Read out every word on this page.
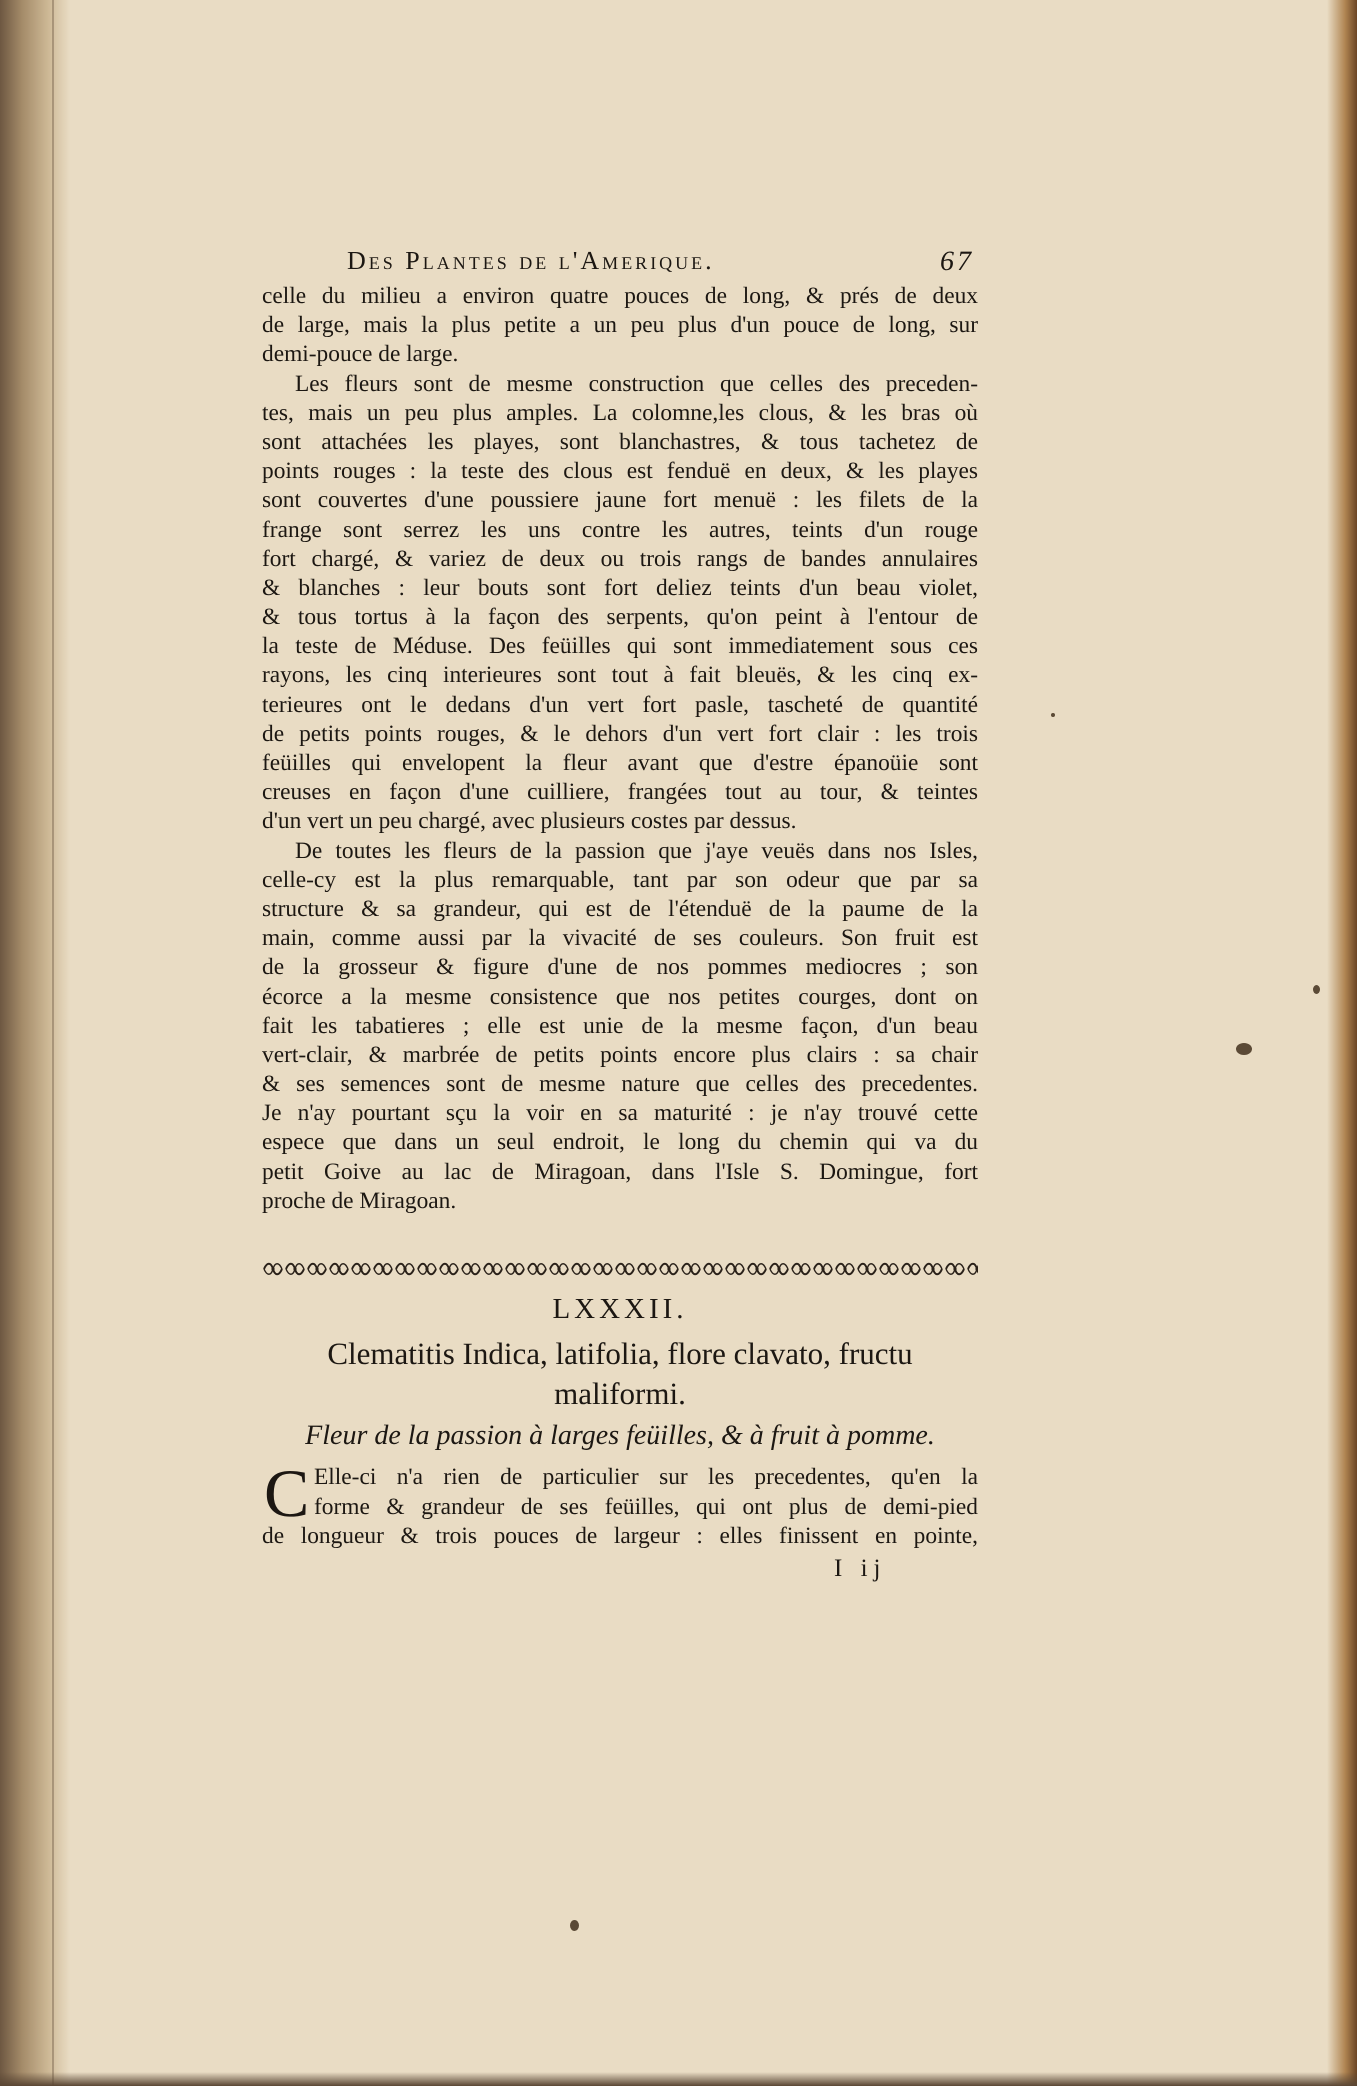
Des Plantes de l'Amerique.	67
celle du milieu a environ quatre pouces de long, & prés de deux
de large, mais la plus petite a un peu plus d'un pouce de long, sur
demi-pouce de large.
Les fleurs sont de mesme construction que celles des preceden-
tes, mais un peu plus amples. La colomne,les clous, & les bras où
sont attachées les playes, sont blanchastres, & tous tachetez de
points rouges : la teste des clous est fenduë en deux, & les playes
sont couvertes d'une poussiere jaune fort menuë : les filets de la
frange sont serrez les uns contre les autres, teints d'un rouge
fort chargé, & variez de deux ou trois rangs de bandes annulaires
& blanches : leur bouts sont fort deliez teints d'un beau violet,
& tous tortus à la façon des serpents, qu'on peint à l'entour de
la teste de Méduse. Des feüilles qui sont immediatement sous ces
rayons, les cinq interieures sont tout à fait bleuës, & les cinq ex-
terieures ont le dedans d'un vert fort pasle, tascheté de quantité
de petits points rouges, & le dehors d'un vert fort clair : les trois
feüilles qui envelopent la fleur avant que d'estre épanoüie sont
creuses en façon d'une cuilliere, frangées tout au tour, & teintes
d'un vert un peu chargé, avec plusieurs costes par dessus.
De toutes les fleurs de la passion que j'aye veuës dans nos Isles,
celle-cy est la plus remarquable, tant par son odeur que par sa
structure & sa grandeur, qui est de l'étenduë de la paume de la
main, comme aussi par la vivacité de ses couleurs. Son fruit est
de la grosseur & figure d'une de nos pommes mediocres ; son
écorce a la mesme consistence que nos petites courges, dont on
fait les tabatieres ; elle est unie de la mesme façon, d'un beau
vert-clair, & marbrée de petits points encore plus clairs : sa chair
& ses semences sont de mesme nature que celles des precedentes.
Je n'ay pourtant sçu la voir en sa maturité : je n'ay trouvé cette
espece que dans un seul endroit, le long du chemin qui va du
petit Goive au lac de Miragoan, dans l'Isle S. Domingue, fort
proche de Miragoan.
LXXXII.
Clematitis Indica, latifolia, flore clavato, fructu
maliformi.
Fleur de la passion à larges feüilles, & à fruit à pomme.
C Elle-ci n'a rien de particulier sur les precedentes, qu'en la
forme & grandeur de ses feüilles, qui ont plus de demi-pied
de longueur & trois pouces de largeur : elles finissent en pointe,
I ij
